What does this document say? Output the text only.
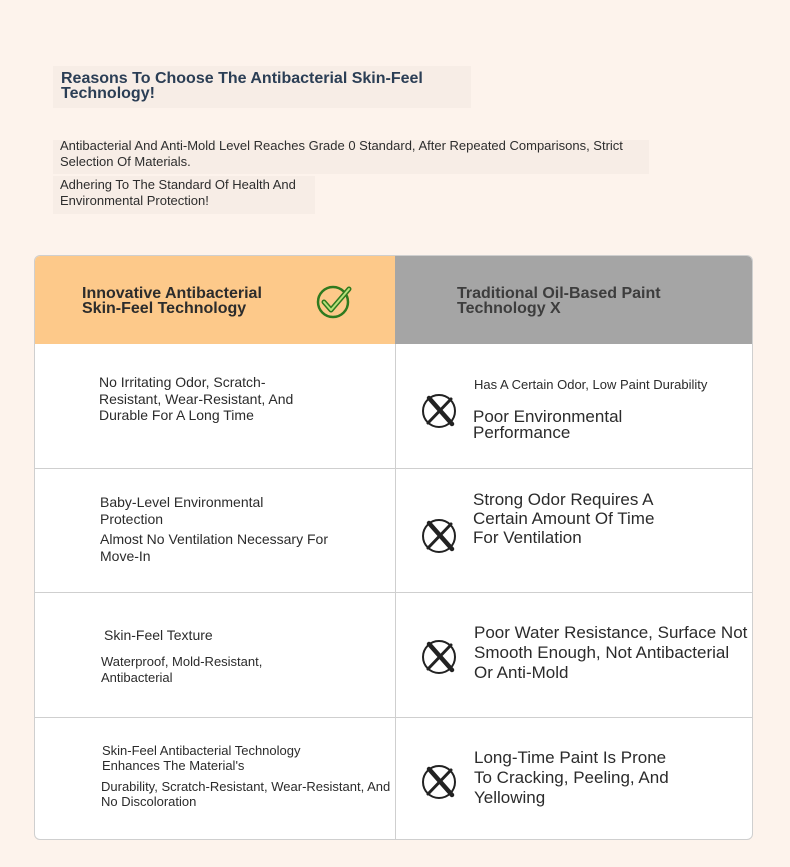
Reasons To Choose The Antibacterial Skin-Feel Technology!

Antibacterial And Anti-Mold Level Reaches Grade 0 Standard, After Repeated Comparisons, Strict Selection Of Materials.

Adhering To The Standard Of Health And Environmental Protection!

Innovative Antibacterial Skin-Feel Technology

Traditional Oil-Based Paint Technology X

No Irritating Odor, Scratch-Resistant, Wear-Resistant, And Durable For A Long Time

Has A Certain Odor, Low Paint Durability

Poor Environmental Performance

Baby-Level Environmental Protection

Almost No Ventilation Necessary For Move-In

Strong Odor Requires A Certain Amount Of Time For Ventilation

Skin-Feel Texture

Waterproof, Mold-Resistant, Antibacterial

Poor Water Resistance, Surface Not Smooth Enough, Not Antibacterial Or Anti-Mold

Skin-Feel Antibacterial Technology Enhances The Material's

Durability, Scratch-Resistant, Wear-Resistant, And No Discoloration

Long-Time Paint Is Prone To Cracking, Peeling, And Yellowing
